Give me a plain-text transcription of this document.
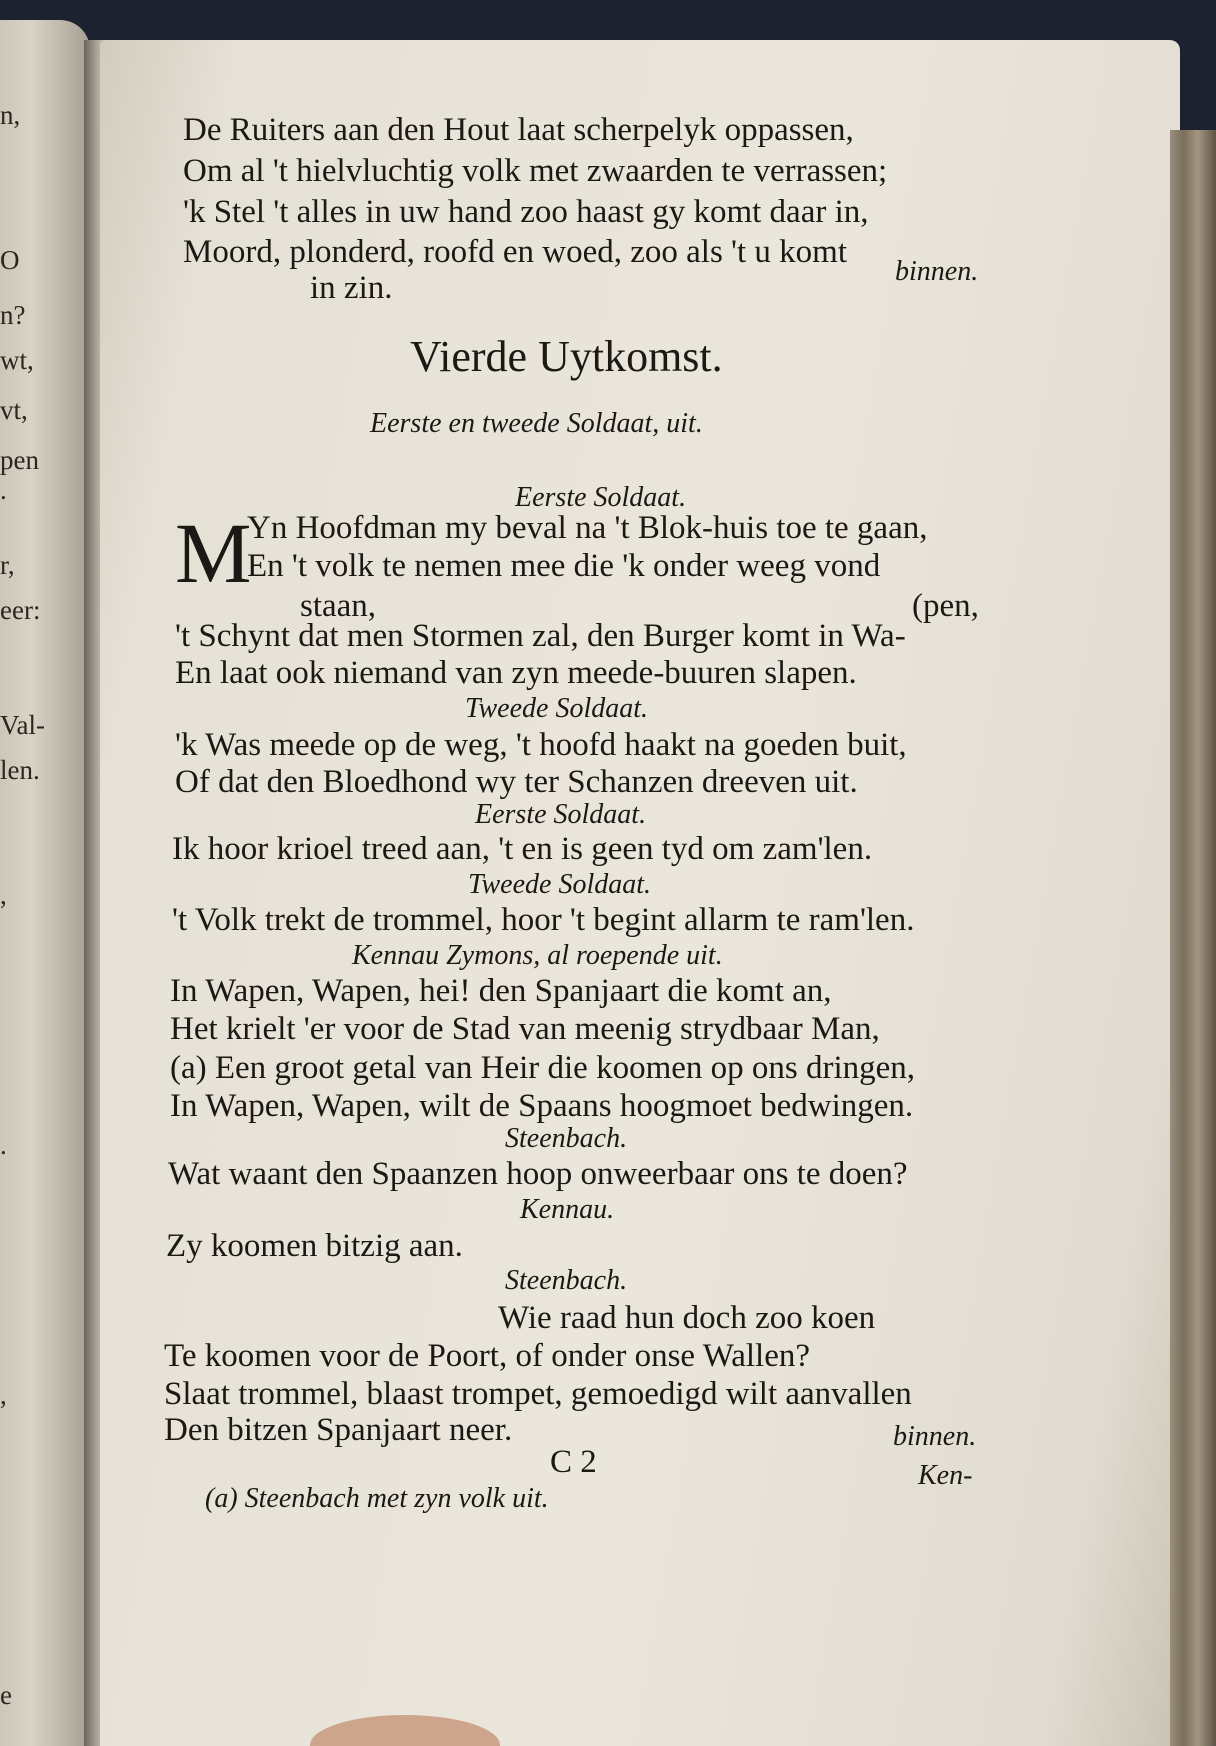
n,
O
n?
wt,
vt,
pen
.
r,
eer:
Val-
len.
,
.
,
e
De Ruiters aan den Hout laat scherpelyk oppassen,
Om al 't hielvluchtig volk met zwaarden te verrassen;
'k Stel 't alles in uw hand zoo haast gy komt daar in,
Moord, plonderd, roofd en woed, zoo als 't u komt
in zin.	binnen.
Vierde Uytkomst.
Eerste en tweede Soldaat, uit.
Eerste Soldaat.
M
Yn Hoofdman my beval na 't Blok-huis toe te gaan,
En 't volk te nemen mee die 'k onder weeg vond
staan,	(pen,
't Schynt dat men Stormen zal, den Burger komt in Wa-
En laat ook niemand van zyn meede-buuren slapen.
Tweede Soldaat.
'k Was meede op de weg, 't hoofd haakt na goeden buit,
Of dat den Bloedhond wy ter Schanzen dreeven uit.
Eerste Soldaat.
Ik hoor krioel treed aan, 't en is geen tyd om zam'len.
Tweede Soldaat.
't Volk trekt de trommel, hoor 't begint allarm te ram'len.
Kennau Zymons, al roepende uit.
In Wapen, Wapen, hei! den Spanjaart die komt an,
Het krielt 'er voor de Stad van meenig strydbaar Man,
(a) Een groot getal van Heir die koomen op ons dringen,
In Wapen, Wapen, wilt de Spaans hoogmoet bedwingen.
Steenbach.
Wat waant den Spaanzen hoop onweerbaar ons te doen?
Kennau.
Zy koomen bitzig aan.
Steenbach.
Wie raad hun doch zoo koen
Te koomen voor de Poort, of onder onse Wallen?
Slaat trommel, blaast trompet, gemoedigd wilt aanvallen
Den bitzen Spanjaart neer.	binnen.
C 2	Ken-
(a) Steenbach met zyn volk uit.
